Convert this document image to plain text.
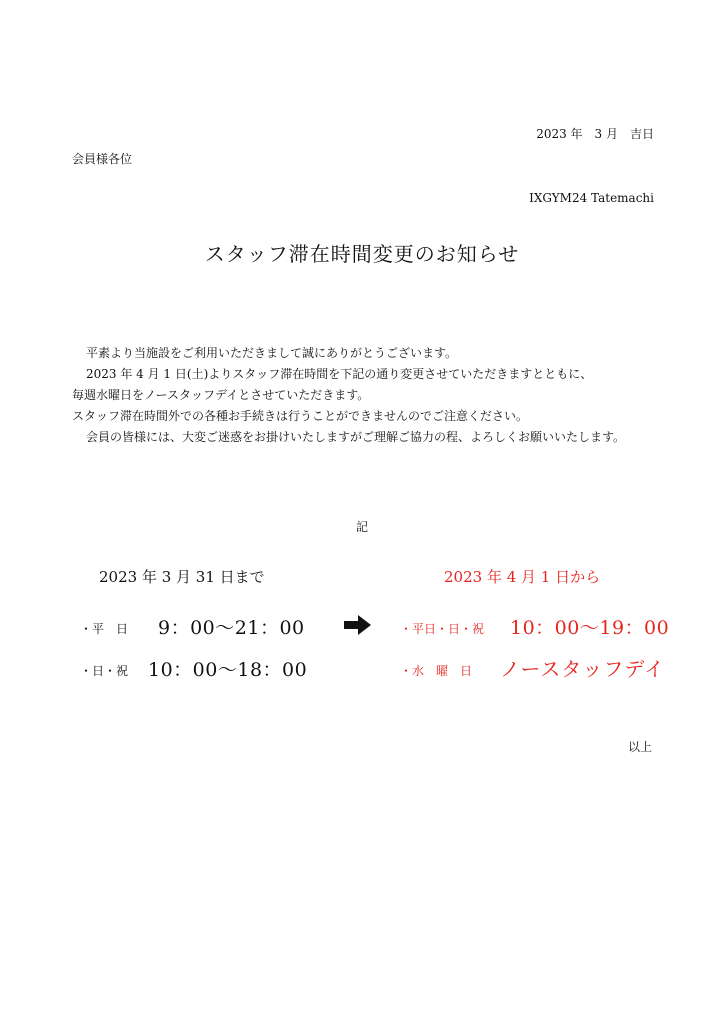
2023 年　3 月　吉日
会員様各位
IXGYM24 Tatemachi
スタッフ滞在時間変更のお知らせ

平素より当施設をご利用いただきまして誠にありがとうございます。

2023 年 4 月 1 日(土)よりスタッフ滞在時間を下記の通り変更させていただきますとともに、

毎週水曜日をノースタッフデイとさせていただきます。

スタッフ滞在時間外での各種お手続きは行うことができませんのでご注意ください。

会員の皆様には、大変ご迷惑をお掛けいたしますがご理解ご協力の程、よろしくお願いいたします。

記
2023 年 3 月 31 日まで	2023 年 4 月 1 日から
・平　日 9：00〜21：00
・日・祝 10：00〜18：00
・平日・日・祝 10：00〜19：00
・水　曜　日 ノースタッフデイ
以上
